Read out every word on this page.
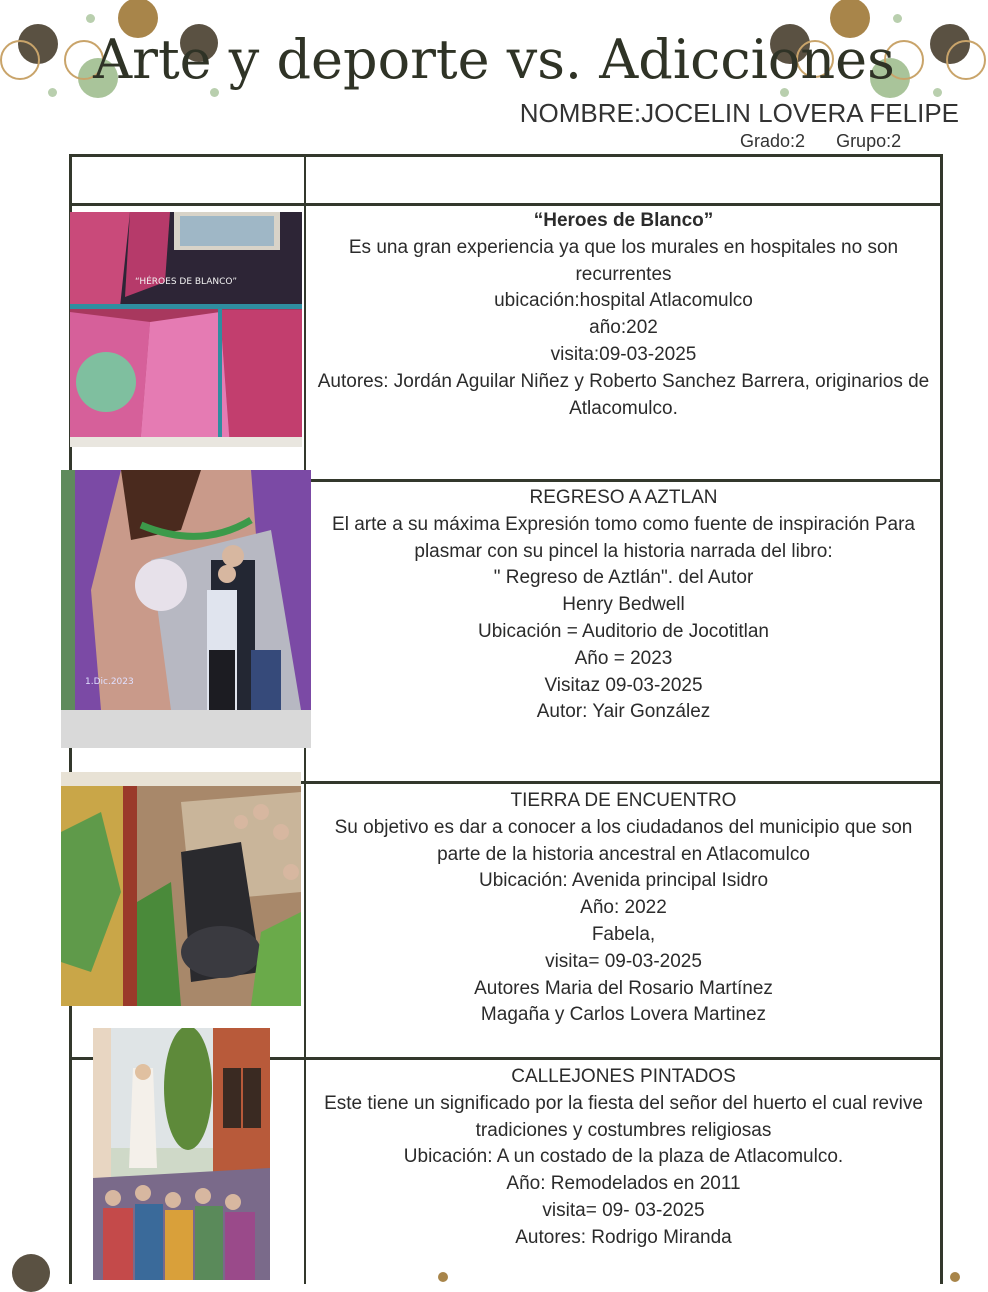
Arte y deporte vs. Adicciones
NOMBRE:JOCELIN LOVERA FELIPE
Grado:2 Grupo:2
“Heroes de Blanco”
Es una gran experiencia ya que los murales en hospitales no son recurrentes
ubicación:hospital Atlacomulco
año:202
visita:09-03-2025
Autores: Jordán Aguilar Niñez y Roberto Sanchez Barrera, originarios de Atlacomulco.
REGRESO A AZTLAN
El arte a su máxima Expresión tomo como fuente de inspiración Para plasmar con su pincel la historia narrada del libro:
" Regreso de Aztlán". del Autor
Henry Bedwell
Ubicación = Auditorio de Jocotitlan
Año = 2023
Visitaz 09-03-2025
Autor: Yair González
TIERRA DE ENCUENTRO
Su objetivo es dar a conocer a los ciudadanos del municipio que son parte de la historia ancestral en Atlacomulco
Ubicación: Avenida principal Isidro
Año: 2022
Fabela,
visita= 09-03-2025
Autores Maria del Rosario Martínez
Magaña y Carlos Lovera Martinez
CALLEJONES PINTADOS
Este tiene un significado por la fiesta del señor del huerto el cual revive tradiciones y costumbres religiosas
Ubicación: A un costado de la plaza de Atlacomulco.
Año: Remodelados en 2011
visita= 09- 03-2025
Autores: Rodrigo Miranda
“HÉROES DE BLANCO”
1.Dic.2023
